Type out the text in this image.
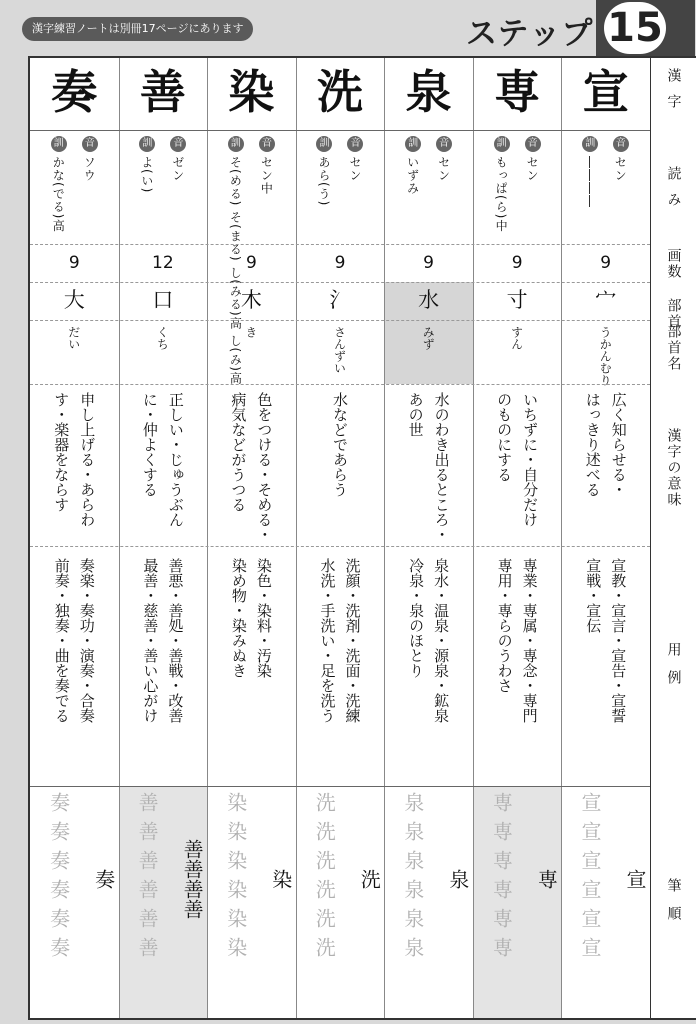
漢字練習ノートは別冊17ページにあります	ステップ 15
宣
音
セン
訓
――――
9
宀
うかんむり
広く知らせる・
はっきり述べる
宣教・宣言・宣告・宣誓
宣戦・宣伝
宣
宣宣宣宣宣宣
専
音
セン
訓
もっぱ(ら)中
9
寸
すん
いちずに・自分だけ
のものにする
専業・専属・専念・専門
専用・専らのうわさ
専
専専専専専専
泉
音
セン
訓
いずみ
9
水
みず
水のわき出るところ・
あの世
泉水・温泉・源泉・鉱泉
冷泉・泉のほとり
泉
泉泉泉泉泉泉
洗
音
セン
訓
あら(う)
9
氵
さんずい
水などであらう
洗顔・洗剤・洗面・洗練
水洗・手洗い・足を洗う
洗
洗洗洗洗洗洗
染
音
セン中
訓
そ(める) そ(まる) し(みる)高 し(み)高 9
木
き
色をつける・そめる・
病気などがうつる
染色・染料・汚染
染め物・染みぬき
染
染染染染染染
善
音
ゼン
訓
よ(い)
12
口
くち
正しい・じゅうぶん
に・仲よくする
善悪・善処・善戦・改善
最善・慈善・善い心がけ
善善善善
善善善善善善
奏
音
ソウ
訓
かな(でる)高
9
大
だい
申し上げる・あらわ
す・楽器をならす
奏楽・奏功・演奏・合奏
前奏・独奏・曲を奏でる
奏
奏奏奏奏奏奏
漢字
読み
画数
部首
部首名
漢字の意味
用例
筆順
